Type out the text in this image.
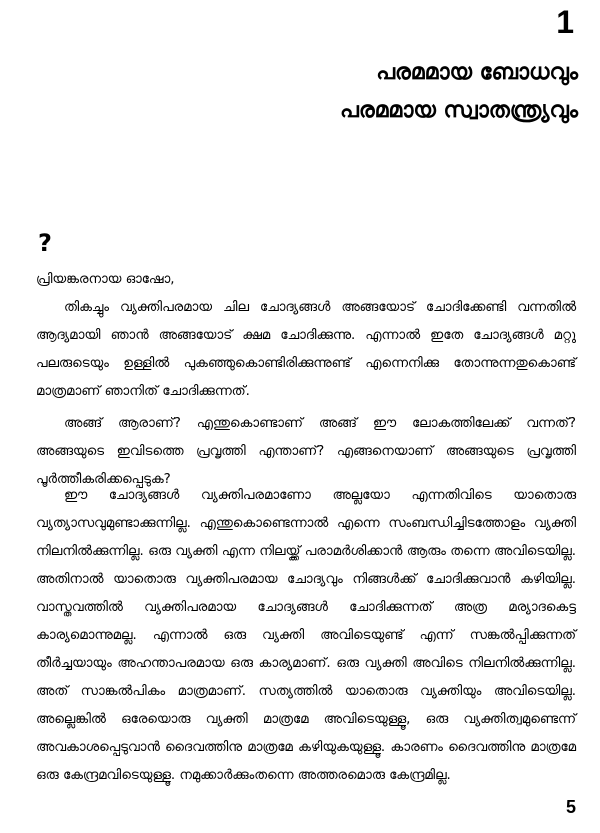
1
പരമമായ ബോധവും
പരമമായ സ്വാതന്ത്ര്യവും
?

പ്രിയങ്കരനായ ഓഷോ,

തികച്ചും വ്യക്തിപരമായ ചില ചോദ്യങ്ങൾ അങ്ങയോട് ചോദിക്കേണ്ടി വന്നതിൽ ആദ്യമായി ഞാൻ അങ്ങയോട് ക്ഷമ ചോദിക്കുന്നു. എന്നാൽ ഇതേ ചോദ്യങ്ങൾ മറ്റു പലരുടെയും ഉള്ളിൽ പുകഞ്ഞുകൊണ്ടിരിക്കുന്നുണ്ട് എന്നെനിക്കു തോന്നുന്നതുകൊണ്ട് മാത്രമാണ് ഞാനിത് ചോദിക്കുന്നത്.

അങ്ങ് ആരാണ്? എന്തുകൊണ്ടാണ് അങ്ങ് ഈ ലോകത്തിലേക്ക് വന്നത്? അങ്ങയുടെ ഇവിടത്തെ പ്രവൃത്തി എന്താണ്? എങ്ങനെയാണ് അങ്ങയുടെ പ്രവൃത്തി പൂർത്തീകരിക്കപ്പെടുക?

ഈ ചോദ്യങ്ങൾ വ്യക്തിപരമാണോ അല്ലയോ എന്നതിവിടെ യാതൊരു വ്യത്യാസവുമുണ്ടാക്കുന്നില്ല. എന്തുകൊണ്ടെന്നാൽ എന്നെ സംബന്ധിച്ചിടത്തോളം വ്യക്തി നിലനിൽക്കുന്നില്ല. ഒരു വ്യക്തി എന്ന നിലയ്ക്ക് പരാമർശിക്കാൻ ആരും തന്നെ അവിടെയില്ല. അതിനാൽ യാതൊരു വ്യക്തിപരമായ ചോദ്യവും നിങ്ങൾക്ക് ചോദിക്കുവാൻ കഴിയില്ല. വാസ്തവത്തിൽ വ്യക്തിപരമായ ചോദ്യങ്ങൾ ചോദിക്കുന്നത് അത്ര മര്യാദകെട്ട കാര്യമൊന്നുമല്ല. എന്നാൽ ഒരു വ്യക്തി അവിടെയുണ്ട് എന്ന് സങ്കൽപ്പിക്കുന്നത് തീർച്ചയായും അഹന്താപരമായ ഒരു കാര്യമാണ്. ഒരു വ്യക്തി അവിടെ നിലനിൽക്കുന്നില്ല. അത് സാങ്കൽപികം മാത്രമാണ്. സത്യത്തിൽ യാതൊരു വ്യക്തിയും അവിടെയില്ല. അല്ലെങ്കിൽ ഒരേയൊരു വ്യക്തി മാത്രമേ അവിടെയുള്ളൂ, ഒരു വ്യക്തിത്വമുണ്ടെന്ന് അവകാശപ്പെടുവാൻ ദൈവത്തിനു മാത്രമേ കഴിയുകയുള്ളൂ. കാരണം ദൈവത്തിനു മാത്രമേ ഒരു കേന്ദ്രമവിടെയുള്ളൂ. നമുക്കാർക്കുംതന്നെ അത്തരമൊരു കേന്ദ്രമില്ല.

5
